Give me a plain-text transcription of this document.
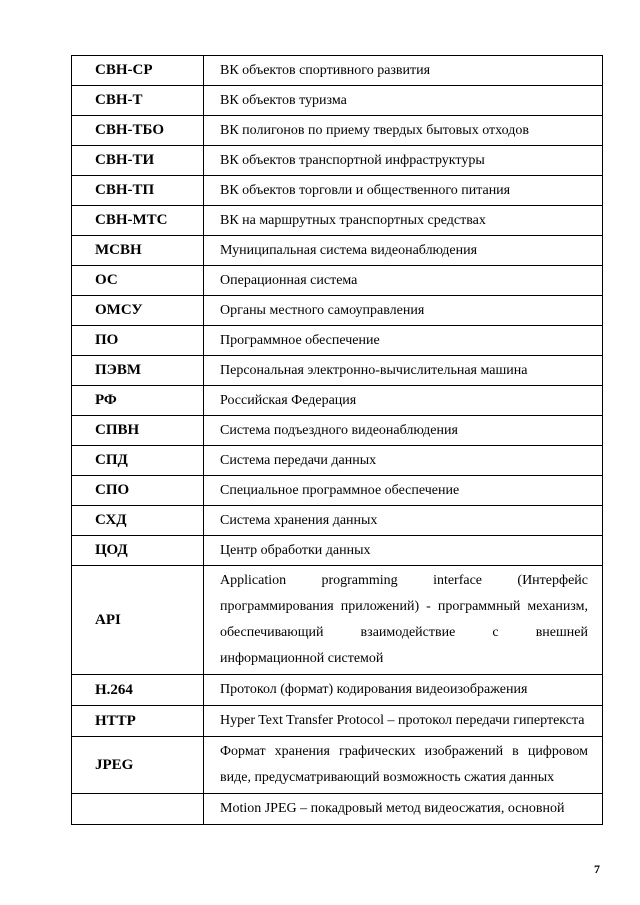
СВН-СР	ВК объектов спортивного развития
СВН-Т	ВК объектов туризма
СВН-ТБО	ВК полигонов по приему твердых бытовых отходов
СВН-ТИ	ВК объектов транспортной инфраструктуры
СВН-ТП	ВК объектов торговли и общественного питания
СВН-МТС	ВК на маршрутных транспортных средствах
МСВН	Муниципальная система видеонаблюдения
ОС	Операционная система
ОМСУ	Органы местного самоуправления
ПО	Программное обеспечение
ПЭВМ	Персональная электронно-вычислительная машина
РФ	Российская Федерация
СПВН	Система подъездного видеонаблюдения
СПД	Система передачи данных
СПО	Специальное программное обеспечение
СХД	Система хранения данных
ЦОД	Центр обработки данных
API	Application programming interface (Интерфейс программирования приложений) - программный механизм, обеспечивающий взаимодействие с внешней информационной системой
H.264	Протокол (формат) кодирования видеоизображения
HTTP	Hyper Text Transfer Protocol – протокол передачи гипертекста
JPEG	Формат хранения графических изображений в цифровом виде, предусматривающий возможность сжатия данных
	Motion JPEG – покадровый метод видеосжатия, основной
7
